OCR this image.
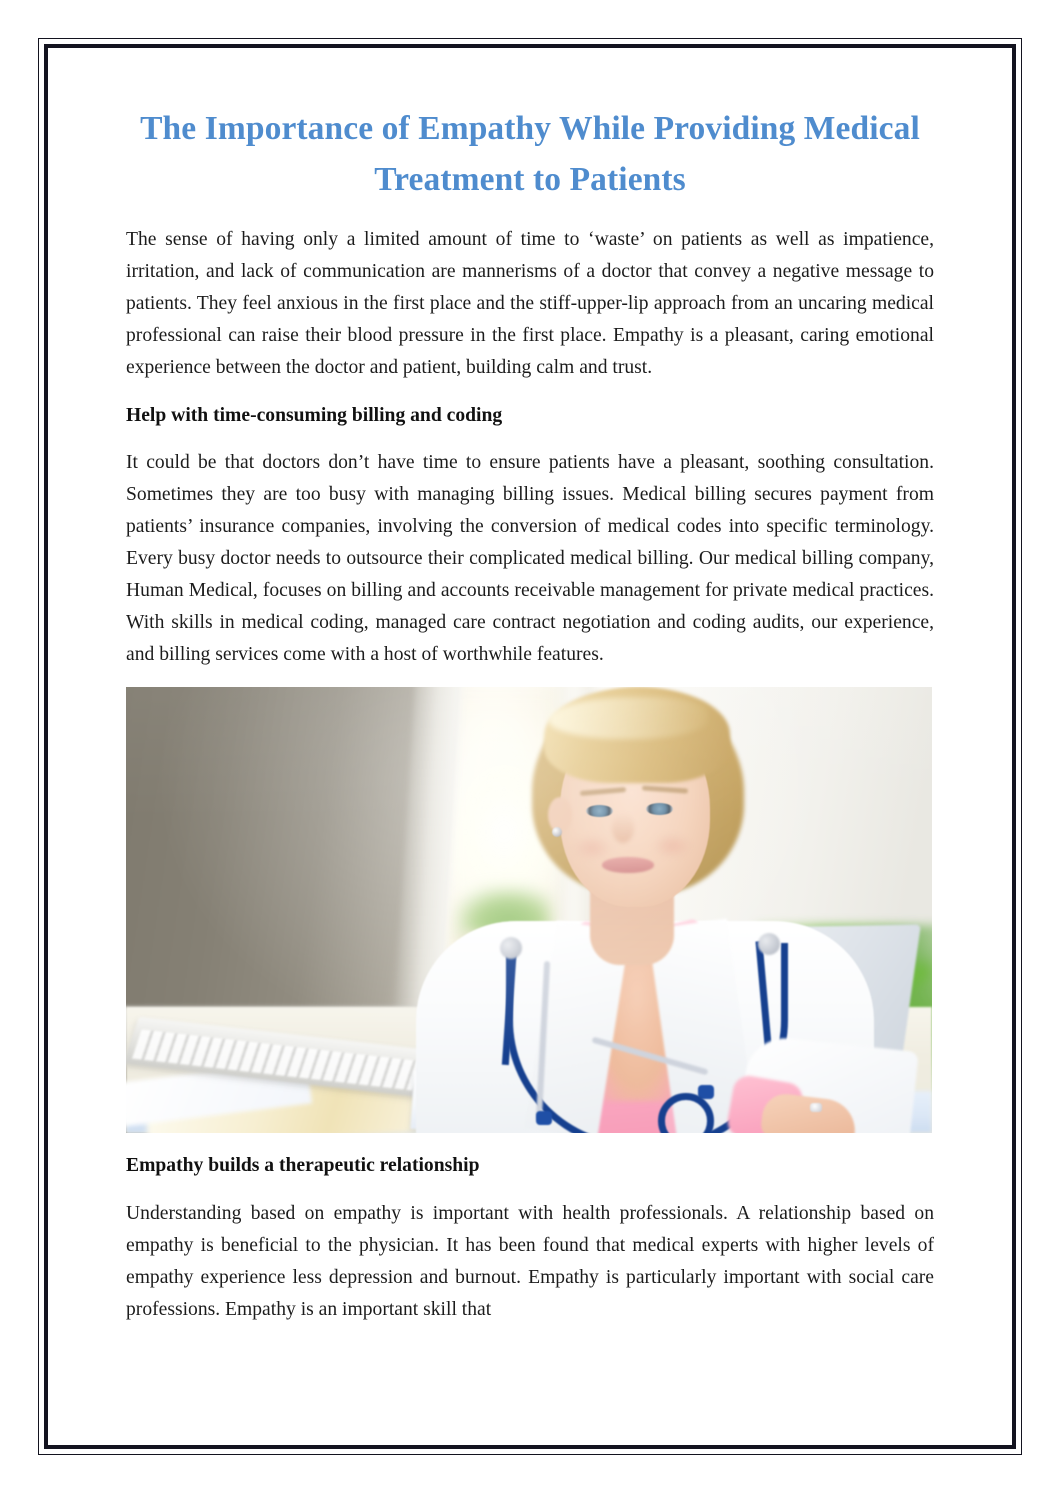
The Importance of Empathy While Providing Medical Treatment to Patients

The sense of having only a limited amount of time to ‘waste’ on patients as well as impatience, irritation, and lack of communication are mannerisms of a doctor that convey a negative message to patients. They feel anxious in the first place and the stiff-upper-lip approach from an uncaring medical professional can raise their blood pressure in the first place. Empathy is a pleasant, caring emotional experience between the doctor and patient, building calm and trust.

Help with time-consuming billing and coding

It could be that doctors don’t have time to ensure patients have a pleasant, soothing consultation. Sometimes they are too busy with managing billing issues. Medical billing secures payment from patients’ insurance companies, involving the conversion of medical codes into specific terminology. Every busy doctor needs to outsource their complicated medical billing. Our medical billing company, Human Medical, focuses on billing and accounts receivable management for private medical practices. With skills in medical coding, managed care contract negotiation and coding audits, our experience, and billing services come with a host of worthwhile features.

Empathy builds a therapeutic relationship

Understanding based on empathy is important with health professionals. A relationship based on empathy is beneficial to the physician. It has been found that medical experts with higher levels of empathy experience less depression and burnout. Empathy is particularly important with social care professions. Empathy is an important skill that
